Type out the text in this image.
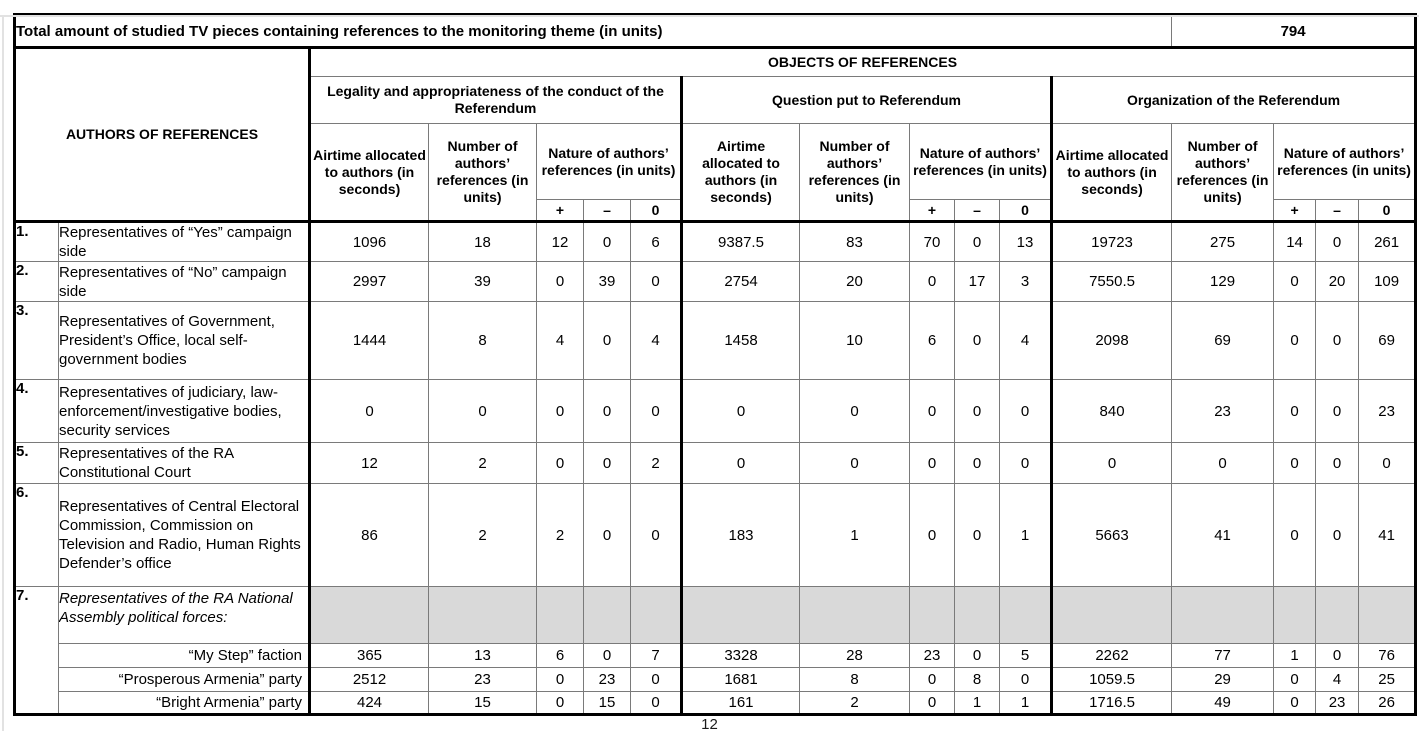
Total amount of studied TV pieces containing references to the monitoring theme (in units)													794			
AUTHORS OF REFERENCES		OBJECTS OF REFERENCES														
		Legality and appropriateness of the conduct of the Referendum					Question put to Referendum					Organization of the Referendum				
		Airtime allocated to authors (in seconds)	Number of authors’ references (in units)	Nature of authors’ references (in units)			Airtime allocated to authors (in seconds)	Number of authors’ references (in units)	Nature of authors’ references (in units)			Airtime allocated to authors (in seconds)	Number of authors’ references (in units)	Nature of authors’ references (in units)		
				+	–	0			+	–	0			+	–	0
1.	Representatives of “Yes” campaign side	1096	18	12	0	6	9387.5	83	70	0	13	19723	275	14	0	261
2.	Representatives of “No” campaign side	2997	39	0	39	0	2754	20	0	17	3	7550.5	129	0	20	109
3.	Representatives of Government, President’s Office, local self-government bodies	1444	8	4	0	4	1458	10	6	0	4	2098	69	0	0	69
4.	Representatives of judiciary, law-enforcement/investigative bodies, security services	0	0	0	0	0	0	0	0	0	0	840	23	0	0	23
5.	Representatives of the RA Constitutional Court	12	2	0	0	2	0	0	0	0	0	0	0	0	0	0
6.	Representatives of Central Electoral Commission, Commission on Television and Radio, Human Rights Defender’s office	86	2	2	0	0	183	1	0	0	1	5663	41	0	0	41
7.	Representatives of the RA National Assembly political forces:															
	“My Step” faction	365	13	6	0	7	3328	28	23	0	5	2262	77	1	0	76
	“Prosperous Armenia” party	2512	23	0	23	0	1681	8	0	8	0	1059.5	29	0	4	25
	“Bright Armenia” party	424	15	0	15	0	161	2	0	1	1	1716.5	49	0	23	26
12
